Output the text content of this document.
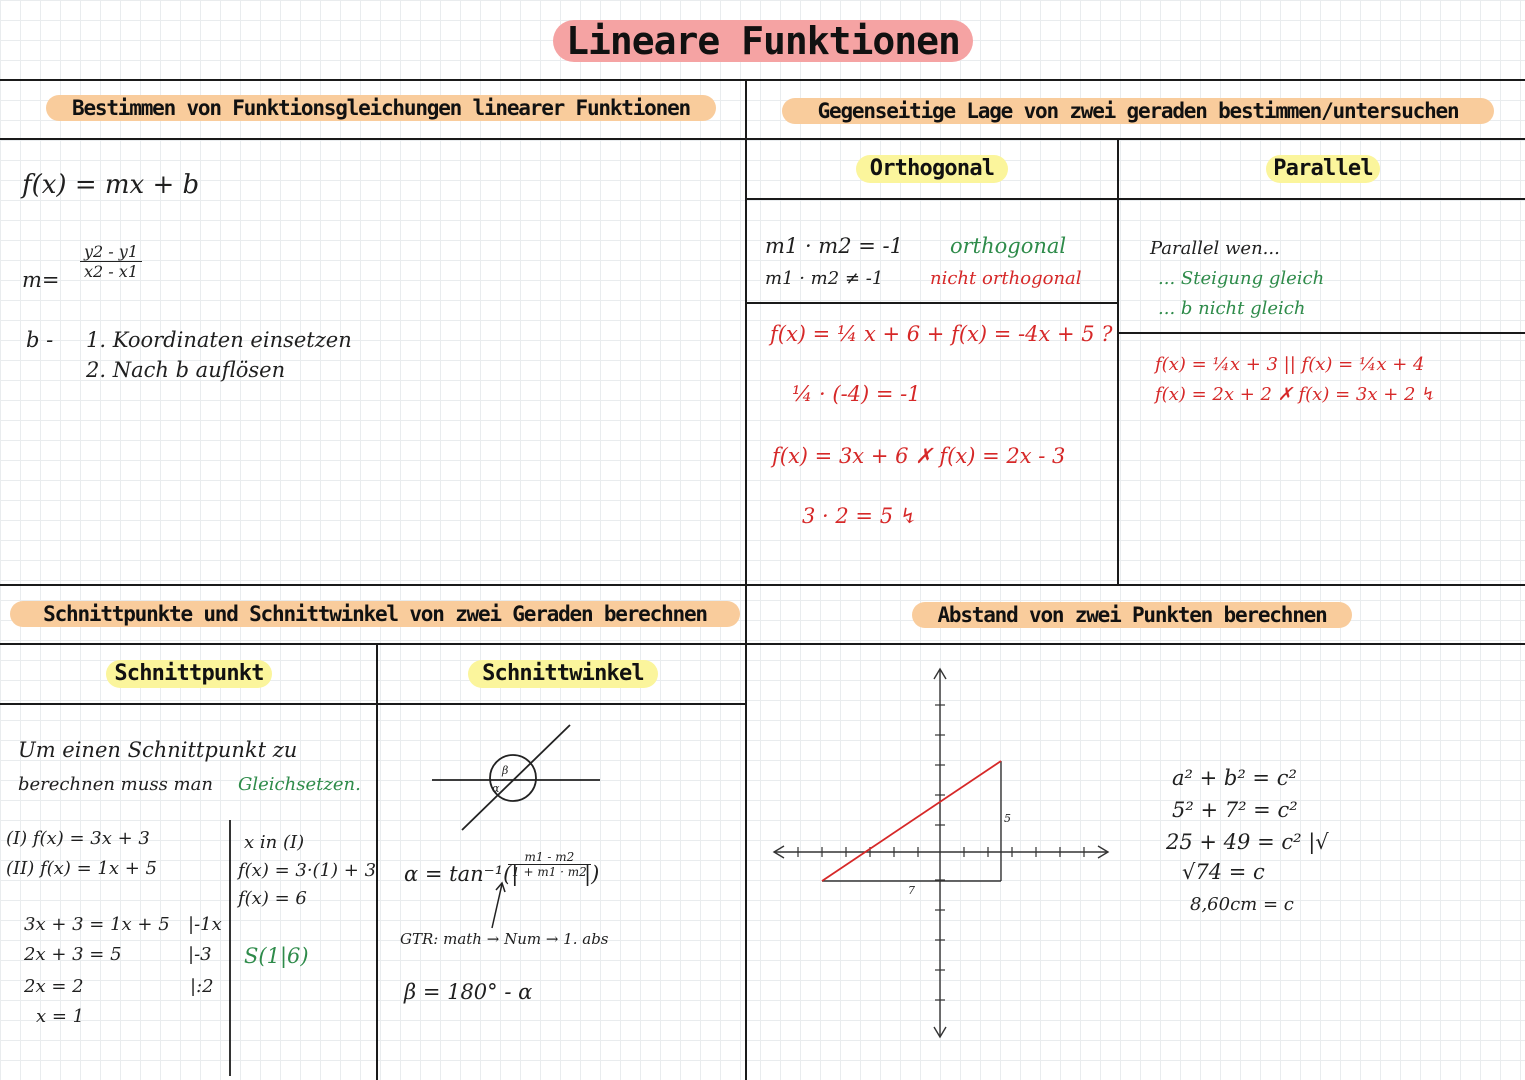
Lineare Funktionen
Bestimmen von Funktionsgleichungen linearer Funktionen
f(x) = mx + b
$m= \frac{y2 - y1}{x2 - x1}$
b - 1. Koordinaten einsetzen
2. Nach b auflösen
Gegenseitige Lage von zwei geraden bestimmen/untersuchen
Orthogonal	Parallel
m1 · m2 = -1 orthogonal
m1 · m2 ≠ -1	nicht orthogonal
f(x) = ¼ x + 6 + f(x) = -4x + 5 ?
¼ · (-4) = -1
f(x) = 3x + 6 ✗ f(x) = 2x - 3
3 · 2 = 5 ↯
Parallel wen...
... Steigung gleich
... b nicht gleich
f(x) = ¼x + 3 || f(x) = ¼x + 4
f(x) = 2x + 2 ✗ f(x) = 3x + 2 ↯
Schnittpunkte und Schnittwinkel von zwei Geraden berechnen
Schnittpunkt	Schnittwinkel
Um einen Schnittpunkt zu
berechnen muss man Gleichsetzen.
(I) f(x) = 3x + 3
(II) f(x) = 1x + 5
x in (I)
f(x) = 3·(1) + 3
f(x) = 6
3x + 3 = 1x + 5 |-1x
2x + 3 = 5	|-3
2x = 2	|:2
x = 1
S(1|6)
β
α
α = tan⁻¹(|
$\frac{m1 - m2}{1 + m1 \cdot m2}$
|)
GTR: math → Num → 1. abs
β = 180° - α
Abstand von zwei Punkten berechnen
5
7
a² + b² = c²
5² + 7² = c²
25 + 49 = c² |√
√74 = c
8,60cm = c
